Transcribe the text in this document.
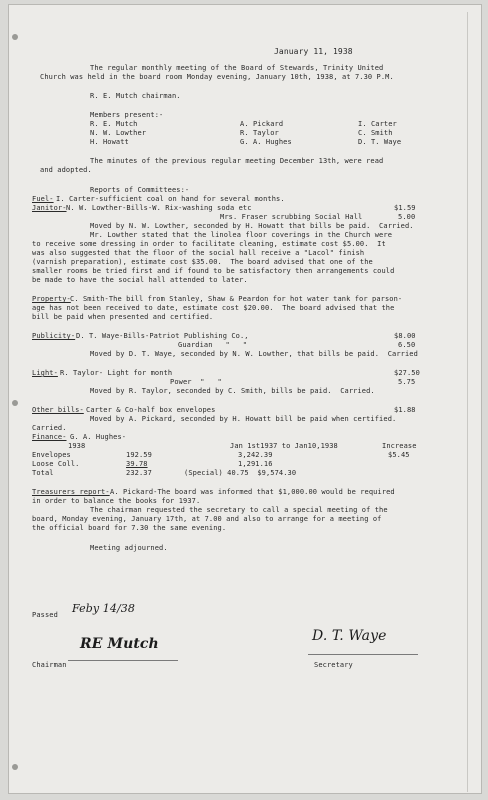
January 11, 1938
The regular monthly meeting of the Board of Stewards, Trinity United
Church was held in the board room Monday evening, January 10th, 1938, at 7.30 P.M.
R. E. Mutch chairman.
Members present:-
R. E. Mutch	A. Pickard	I. Carter
N. W. Lowther	R. Taylor	C. Smith
H. Howatt	G. A. Hughes	D. T. Waye
The minutes of the previous regular meeting December 13th, were read
and adopted.
Reports of Committees:-
Fuel- I. Carter-sufficient coal on hand for several months.
Janitor- N. W. Lowther-Bills-W. Rix-washing soda etc	$1.59
Mrs. Fraser scrubbing Social Hall	5.00
Moved by N. W. Lowther, seconded by H. Howatt that bills be paid.  Carried.
Mr. Lowther stated that the linolea floor coverings in the Church were
to receive some dressing in order to facilitate cleaning, estimate cost $5.00.  It
was also suggested that the floor of the social hall receive a "Lacol" finish
(varnish preparation), estimate cost $35.00.  The board advised that one of the
smaller rooms be tried first and if found to be satisfactory then arrangements could
be made to have the social hall attended to later.
Property- C. Smith-The bill from Stanley, Shaw & Peardon for hot water tank for parson-
age has not been received to date, estimate cost $20.00.  The board advised that the
bill be paid when presented and certified.
Publicity- D. T. Waye-Bills-Patriot Publishing Co.,	$8.00
Guardian   "   "	6.50
Moved by D. T. Waye, seconded by N. W. Lowther, that bills be paid.  Carried
Light- R. Taylor- Light for month	$27.50
Power  "   "	5.75
Moved by R. Taylor, seconded by C. Smith, bills be paid.  Carried.
Other bills- Carter & Co-half box envelopes	$1.88
Moved by A. Pickard, seconded by H. Howatt bill be paid when certified.
Carried.
Finance- G. A. Hughes-
1938	Jan 1st1937 to Jan10,1938	Increase
Envelopes	192.59	3,242.39	$5.45
Loose Coll.	39.78	1,291.16
Total	232.37	(Special) 40.75  $9,574.30
Treasurers report- A. Pickard-The board was informed that $1,000.00 would be required
in order to balance the books for 1937.
The chairman requested the secretary to call a special meeting of the
board, Monday evening, January 17th, at 7.00 and also to arrange for a meeting of
the official board for 7.30 the same evening.
Meeting adjourned.
Passed Feby 14/38
RE Mutch
Chairman
D. T. Waye
Secretary
